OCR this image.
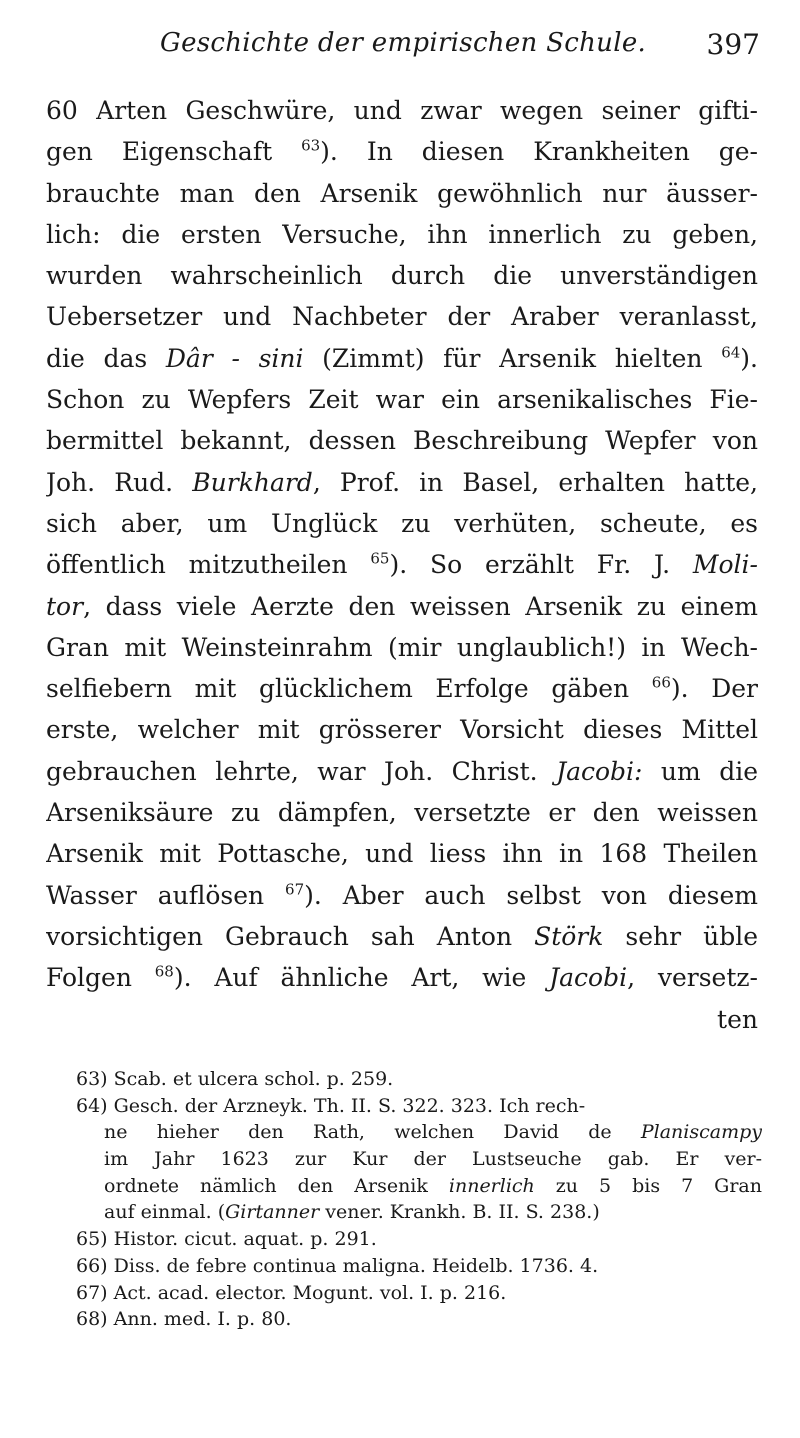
Geschichte der empirischen Schule. 397
60 Arten Geschwüre, und zwar wegen seiner gifti-
gen Eigenschaft $^{63}$). In diesen Krankheiten ge-
brauchte man den Arsenik gewöhnlich nur äusser-
lich: die ersten Versuche, ihn innerlich zu geben,
wurden wahrscheinlich durch die unverständigen
Uebersetzer und Nachbeter der Araber veranlasst,
die das Dâr - sini (Zimmt) für Arsenik hielten $^{64}$).
Schon zu Wepfers Zeit war ein arsenikalisches Fie-
bermittel bekannt, dessen Beschreibung Wepfer von
Joh. Rud. Burkhard, Prof. in Basel, erhalten hatte,
sich aber, um Unglück zu verhüten, scheute, es
öffentlich mitzutheilen $^{65}$). So erzählt Fr. J. Moli-
tor, dass viele Aerzte den weissen Arsenik zu einem
Gran mit Weinsteinrahm (mir unglaublich!) in Wech-
selfiebern mit glücklichem Erfolge gäben $^{66}$). Der
erste, welcher mit grösserer Vorsicht dieses Mittel
gebrauchen lehrte, war Joh. Christ. Jacobi: um die
Arseniksäure zu dämpfen, versetzte er den weissen
Arsenik mit Pottasche, und liess ihn in 168 Theilen
Wasser auflösen $^{67}$). Aber auch selbst von diesem
vorsichtigen Gebrauch sah Anton Störk sehr üble
Folgen $^{68}$). Auf ähnliche Art, wie Jacobi, versetz-
ten
63) Scab. et ulcera schol. p. 259.
64) Gesch. der Arzneyk. Th. II. S. 322. 323. Ich rech-
ne hieher den Rath, welchen David de Planiscampy
im Jahr 1623 zur Kur der Lustseuche gab. Er ver-
ordnete nämlich den Arsenik innerlich zu 5 bis 7 Gran
auf einmal. (Girtanner vener. Krankh. B. II. S. 238.)
65) Histor. cicut. aquat. p. 291.
66) Diss. de febre continua maligna. Heidelb. 1736. 4.
67) Act. acad. elector. Mogunt. vol. I. p. 216.
68) Ann. med. I. p. 80.
